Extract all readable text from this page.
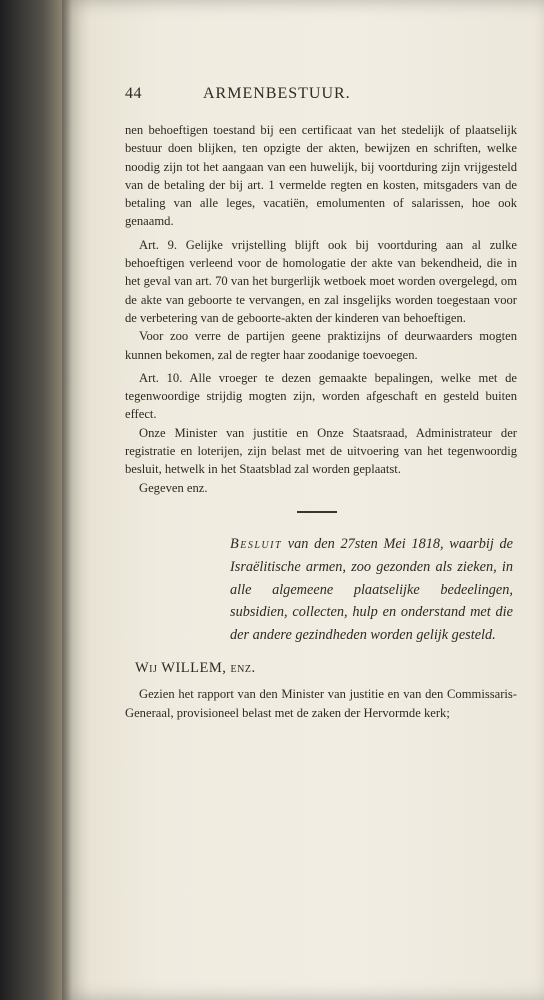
44	ARMENBESTUUR.

nen behoeftigen toestand bij een certificaat van het stedelijk of plaatselijk bestuur doen blijken, ten opzigte der akten, bewijzen en schriften, welke noodig zijn tot het aangaan van een huwelijk, bij voortduring zijn vrijgesteld van de betaling der bij art. 1 vermelde regten en kosten, mitsgaders van de betaling van alle leges, vacatiën, emolumenten of salarissen, hoe ook genaamd.

Art. 9. Gelijke vrijstelling blijft ook bij voortduring aan al zulke behoeftigen verleend voor de homologatie der akte van bekendheid, die in het geval van art. 70 van het burgerlijk wetboek moet worden overgelegd, om de akte van geboorte te vervangen, en zal insgelijks worden toegestaan voor de verbetering van de geboorte-akten der kinderen van behoeftigen.

Voor zoo verre de partijen geene praktizijns of deurwaarders mogten kunnen bekomen, zal de regter haar zoodanige toevoegen.

Art. 10. Alle vroeger te dezen gemaakte bepalingen, welke met de tegenwoordige strijdig mogten zijn, worden afgeschaft en gesteld buiten effect.

Onze Minister van justitie en Onze Staatsraad, Administrateur der registratie en loterijen, zijn belast met de uitvoering van het tegenwoordig besluit, hetwelk in het Staatsblad zal worden geplaatst.

Gegeven enz.

Besluit van den 27sten Mei 1818, waarbij de Israëlitische armen, zoo gezonden als zieken, in alle algemeene plaatselijke bedeelingen, subsidien, collecten, hulp en onderstand met die der andere gezindheden worden gelijk gesteld.
Wij WILLEM, enz.

Gezien het rapport van den Minister van justitie en van den Commissaris-Generaal, provisioneel belast met de zaken der Hervormde kerk;
